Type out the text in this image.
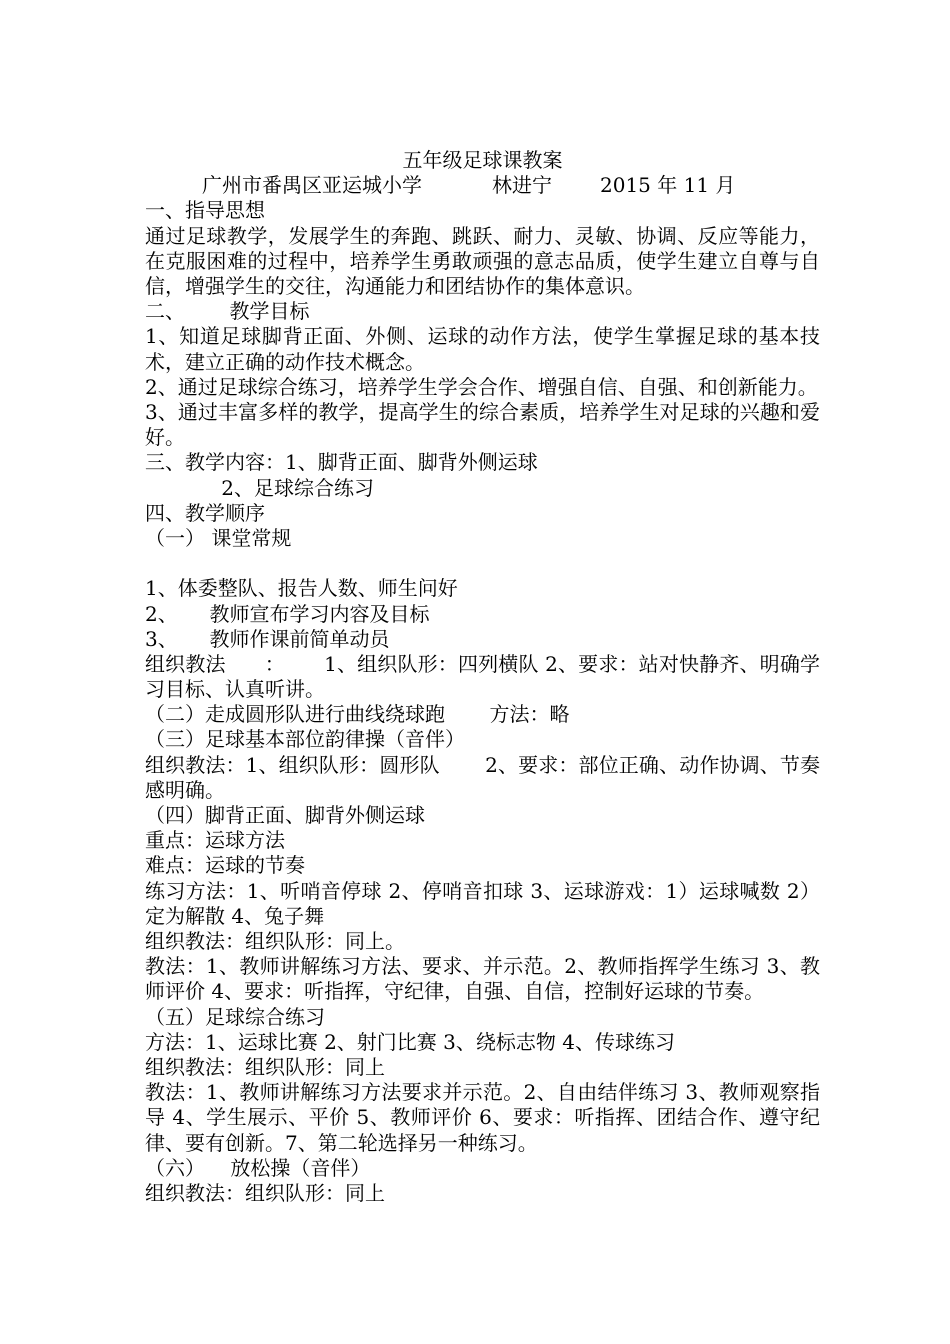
五年级足球课教案
广州市番禺区亚运城小学	林进宁 2015 年 11 月
一、指导思想
通过足球教学，发展学生的奔跑、跳跃、耐力、灵敏、协调、反应等能力，在克服困难的过程中，培养学生勇敢顽强的意志品质，使学生建立自尊与自信，增强学生的交往，沟通能力和团结协作的集体意识。
二、       教学目标
1、知道足球脚背正面、外侧、运球的动作方法，使学生掌握足球的基本技术，建立正确的动作技术概念。
2、通过足球综合练习，培养学生学会合作、增强自信、自强、和创新能力。
3、通过丰富多样的教学，提高学生的综合素质，培养学生对足球的兴趣和爱好。
三、教学内容：1、脚背正面、脚背外侧运球
2、足球综合练习
四、教学顺序
（一） 课堂常规
1、体委整队、报告人数、师生问好
2、     教师宣布学习内容及目标
3、     教师作课前简单动员
组织教法      ：      1、组织队形：四列横队 2、要求：站对快静齐、明确学习目标、认真听讲。
（二）走成圆形队进行曲线绕球跑       方法：略
（三）足球基本部位韵律操（音伴）
组织教法：1、组织队形：圆形队       2、要求：部位正确、动作协调、节奏感明确。
（四）脚背正面、脚背外侧运球
重点：运球方法
难点：运球的节奏
练习方法：1、听哨音停球 2、停哨音扣球 3、运球游戏：1）运球喊数 2）定为解散 4、兔子舞
组织教法：组织队形：同上。
教法：1、教师讲解练习方法、要求、并示范。2、教师指挥学生练习 3、教师评价 4、要求：听指挥，守纪律，自强、自信，控制好运球的节奏。
（五）足球综合练习
方法：1、运球比赛 2、射门比赛 3、绕标志物 4、传球练习
组织教法：组织队形：同上
教法：1、教师讲解练习方法要求并示范。2、自由结伴练习 3、教师观察指导 4、学生展示、平价 5、教师评价 6、要求：听指挥、团结合作、遵守纪律、要有创新。7、第二轮选择另一种练习。
（六）    放松操（音伴）
组织教法：组织队形：同上
